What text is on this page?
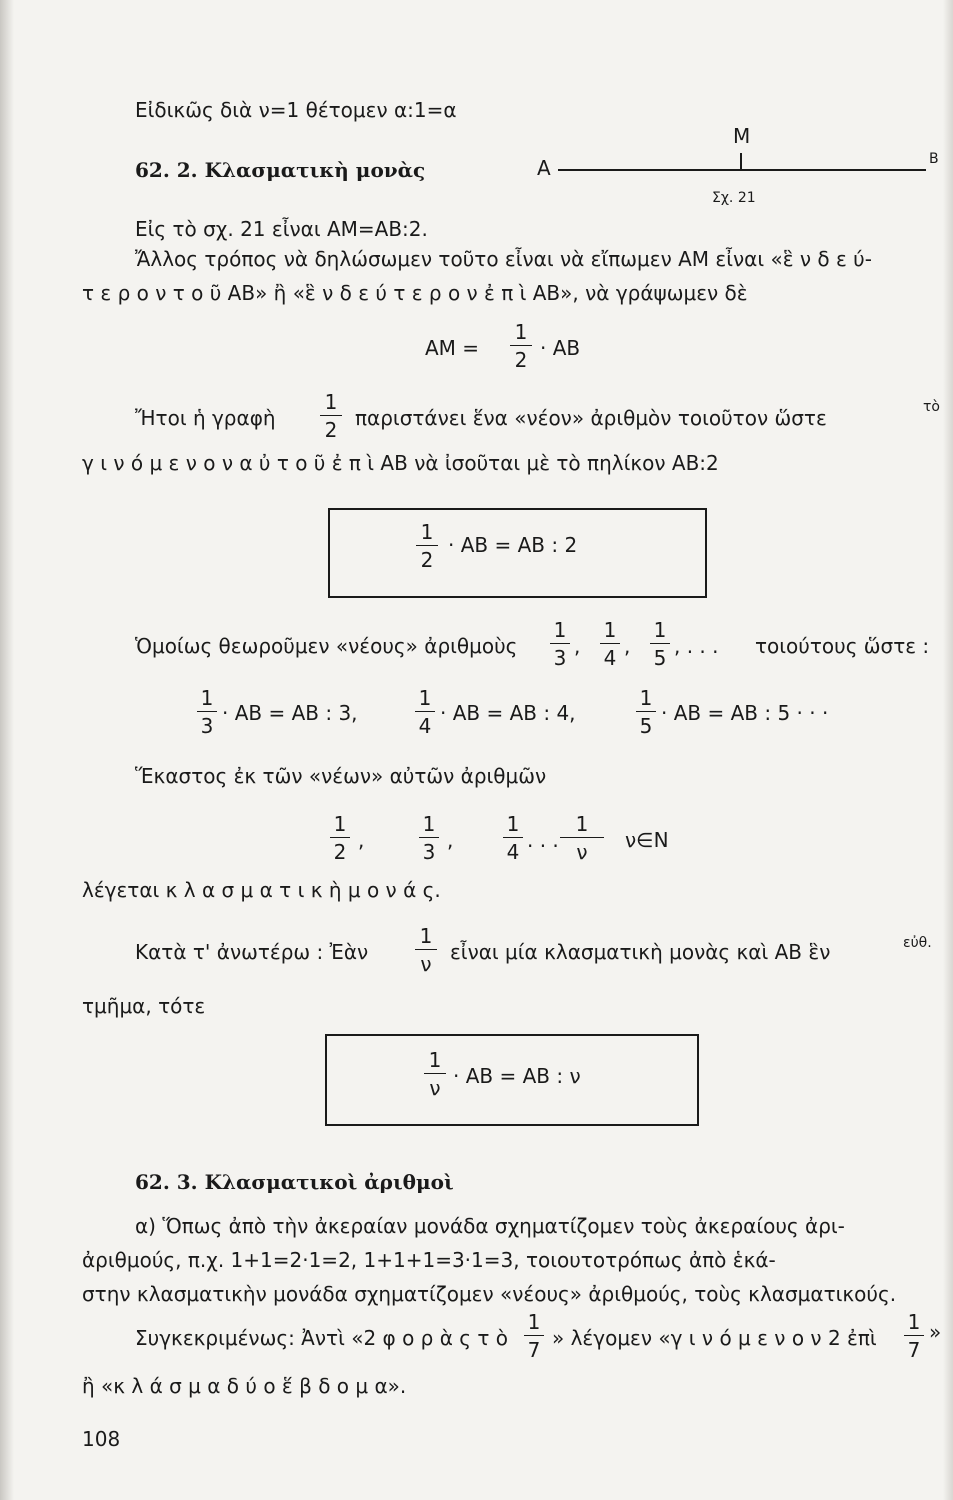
Εἰδικῶς διὰ ν=1 θέτομεν α:1=α
62. 2. Κλασματικὴ μονὰς	Α
Μ
Β
Σχ. 21
Εἰς τὸ σχ. 21 εἶναι ΑΜ=ΑΒ:2.
Ἄλλος τρόπος νὰ δηλώσωμεν τοῦτο εἶναι νὰ εἴπωμεν ΑΜ εἶναι «ἓ ν δ ε ύ-
τ ε ρ ο ν τ ο ῦ ΑΒ» ἢ «ἓ ν δ ε ύ τ ε ρ ο ν ἐ π ὶ ΑΒ», νὰ γράψωμεν δὲ
$AM = \frac{1}{2} \cdot AB$
Ἤτοι ἡ γραφὴ $\frac{1}{2}$ παριστάνει ἕνα «νέον» ἀριθμὸν τοιοῦτον ὥστε	τὸ
γ ι ν ό μ ε ν ο ν α ὐ τ ο ῦ ἐ π ὶ ΑΒ νὰ ἰσοῦται μὲ τὸ πηλίκον ΑΒ:2
$\frac{1}{2} \cdot AB = AB$ : 2
Ὁμοίως θεωροῦμεν «νέους» ἀριθμοὺς $\frac{1}{3}$ , $\frac{1}{4}$ , $\frac{1}{5}$ , . . . τοιούτους ὥστε :
$\frac{1}{3} \cdot AB = AB$ : 3,	$\frac{1}{4} \cdot AB = AB$ : 4,	$\frac{1}{5} \cdot AB = AB$ : 5 · · ·
Ἕκαστος ἐκ τῶν «νέων» αὐτῶν ἀριθμῶν
$\frac{1}{2}$ ,	$\frac{1}{3}$ , $\frac{1}{4}$ . . . $\frac{1}{\nu}$ ν∈Ν
λέγεται κ λ α σ μ α τ ι κ ὴ μ ο ν ά ς.
Κατὰ τ' ἀνωτέρω : Ἐὰν $\frac{1}{\nu}$ εἶναι μία κλασματικὴ μονὰς καὶ ΑΒ ἓν	εὐθ.
τμῆμα, τότε
$\frac{1}{\nu} \cdot AB = AB$ : ν
62. 3. Κλασματικοὶ ἀριθμοὶ
α) Ὅπως ἀπὸ τὴν ἀκεραίαν μονάδα σχηματίζομεν τοὺς ἀκεραίους ἀρι-
ἀριθμούς, π.χ. 1+1=2·1=2, 1+1+1=3·1=3, τοιουτοτρόπως ἀπὸ ἑκά-
στην κλασματικὴν μονάδα σχηματίζομεν «νέους» ἀριθμούς, τοὺς κλασματικούς.
Συγκεκριμένως: Ἀντὶ «2 φ ο ρ ὰ ς τ ὸ $\frac{1}{7}$ » λέγομεν «γ ι ν ό μ ε ν ο ν 2 ἐπὶ $\frac{1}{7}$ »
ἢ «κ λ ά σ μ α δ ύ ο ἕ β δ ο μ α».
108
